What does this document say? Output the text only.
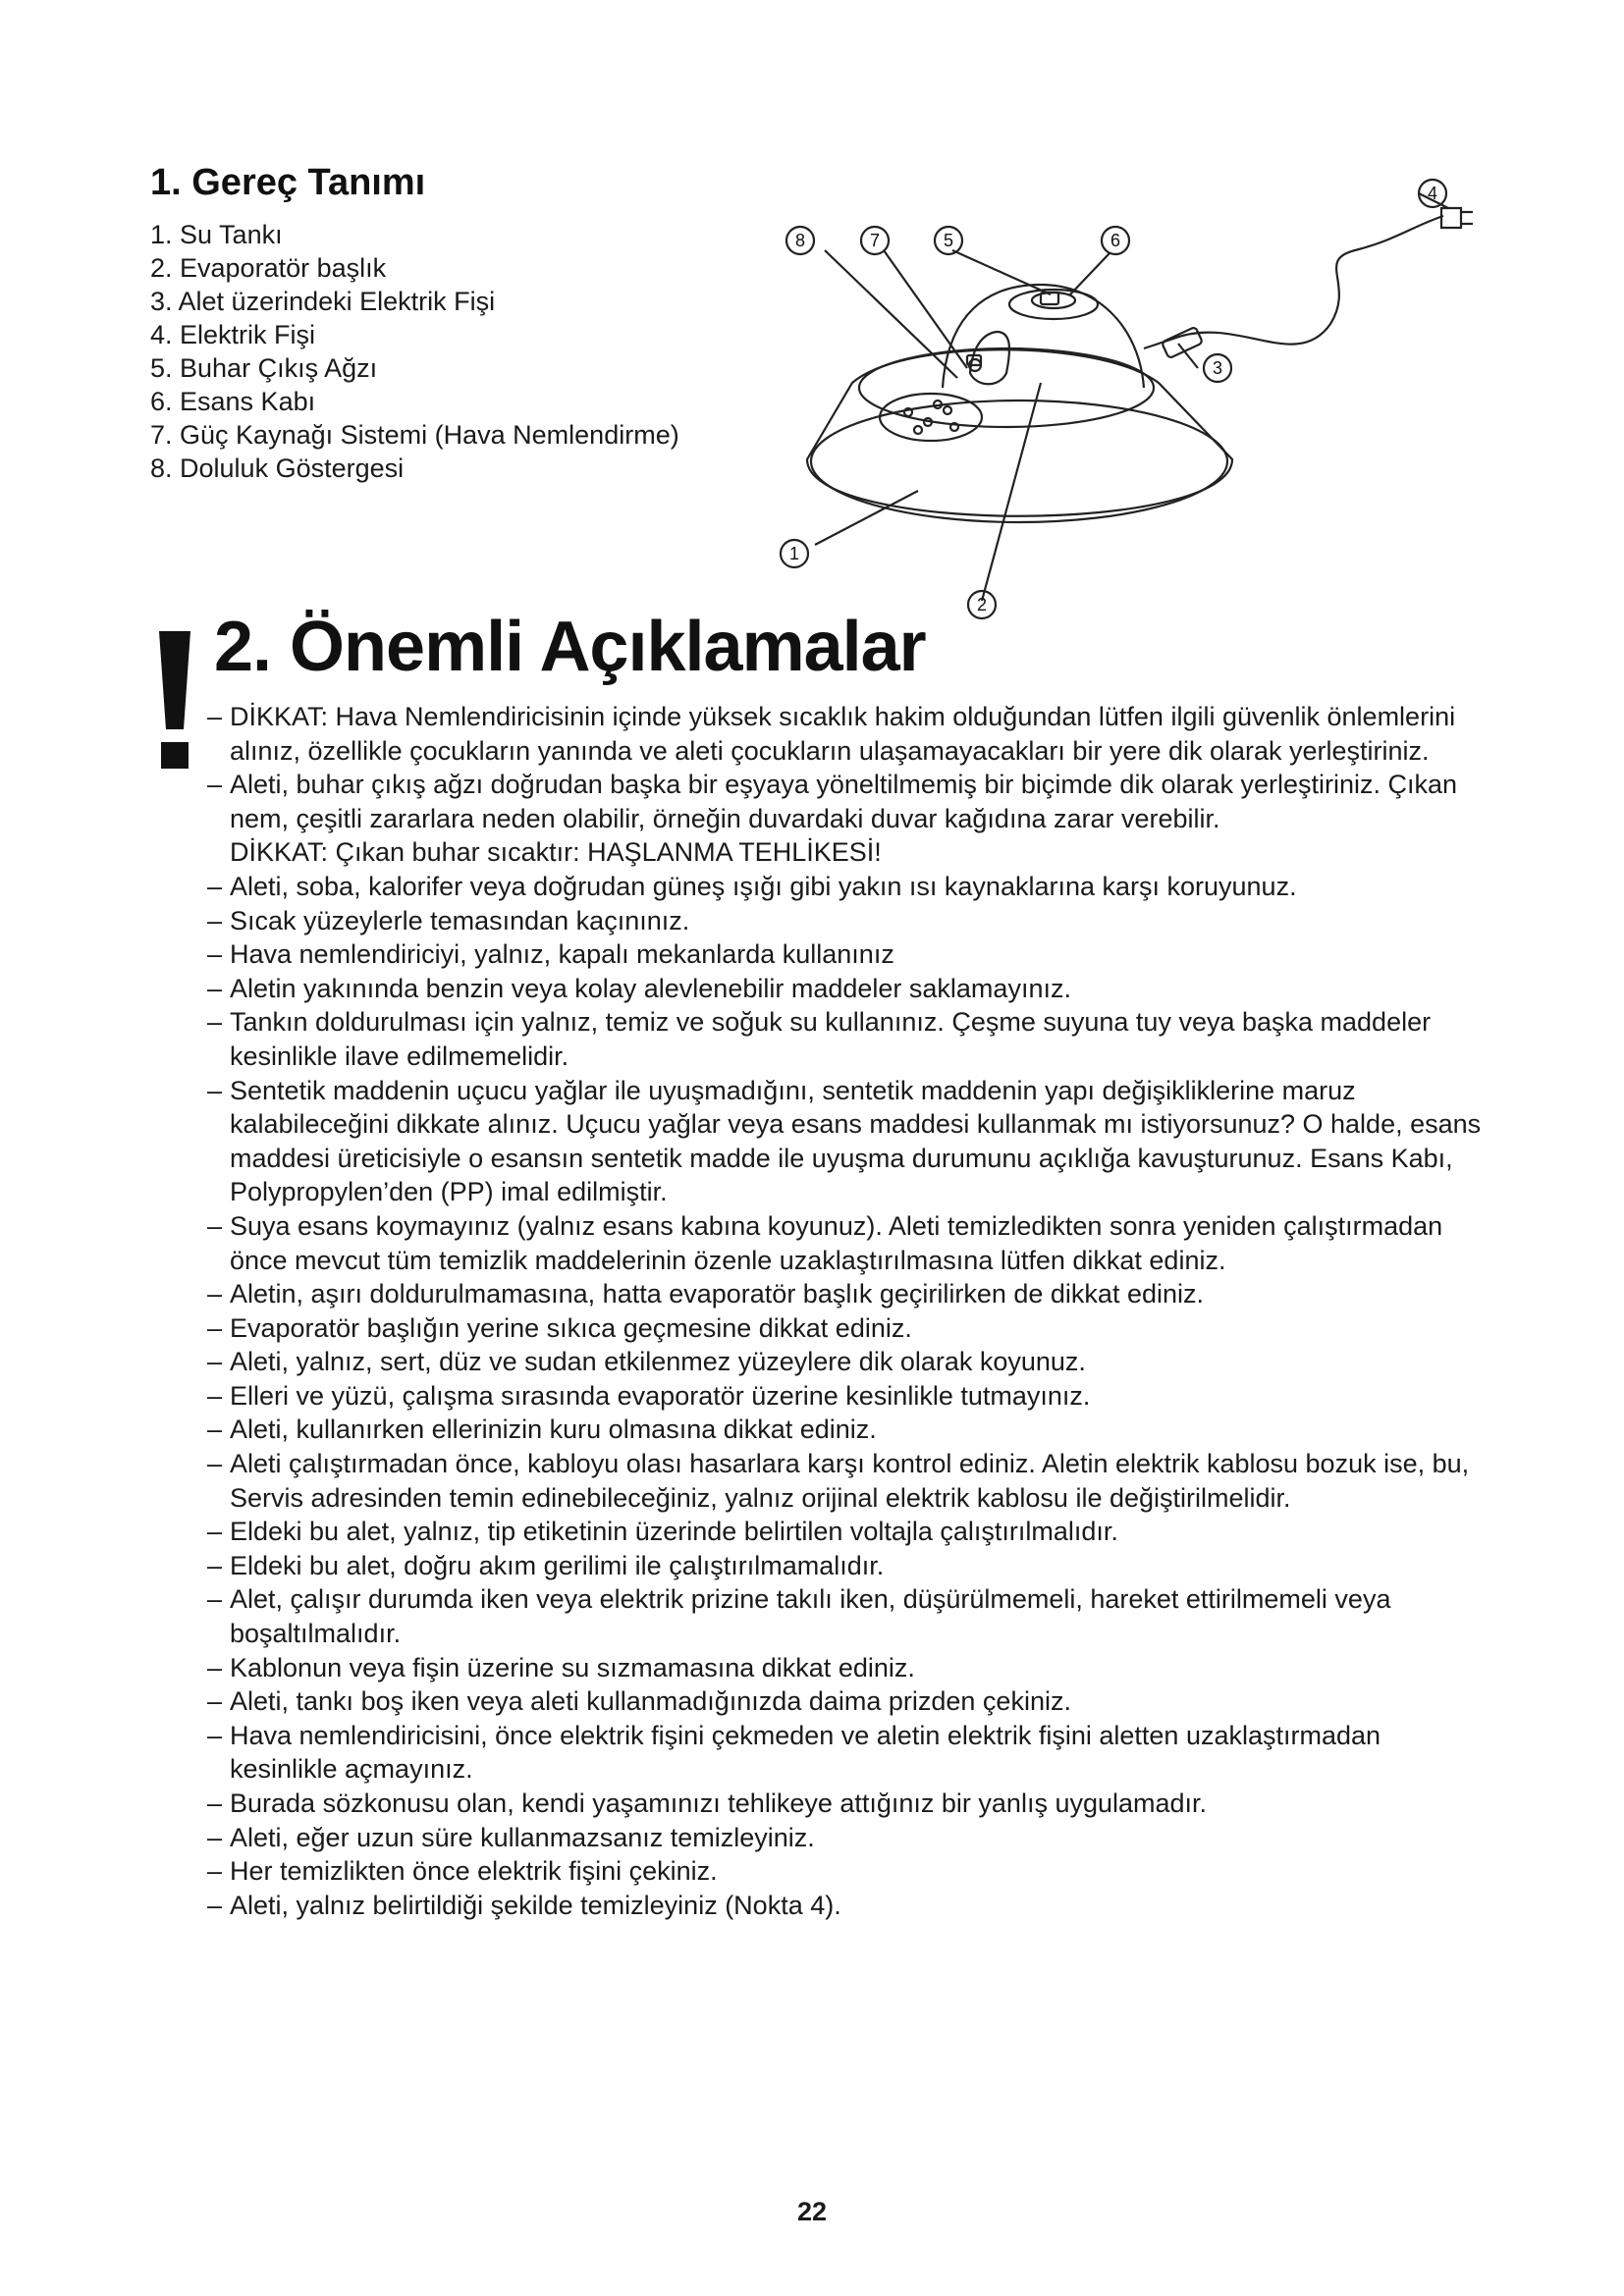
1. Gereç Tanımı
1. Su Tankı
2. Evaporatör başlık
3. Alet üzerindeki Elektrik Fişi
4. Elektrik Fişi
5. Buhar Çıkış Ağzı
6. Esans Kabı
7. Güç Kaynağı Sistemi (Hava Nemlendirme)
8. Doluluk Göstergesi
8	7	5	6
3
1
2
4
2. Önemli Açıklamalar
– DİKKAT: Hava Nemlendiricisinin içinde yüksek sıcaklık hakim olduğundan lütfen ilgili güvenlik önlemlerini alınız, özellikle çocukların yanında ve aleti çocukların ulaşamayacakları bir yere dik olarak yerleştiriniz.
– Aleti, buhar çıkış ağzı doğrudan başka bir eşyaya yöneltilmemiş bir biçimde dik olarak yerleştiriniz. Çıkan nem, çeşitli zararlara neden olabilir, örneğin duvardaki duvar kağıdına zarar verebilir.
DİKKAT: Çıkan buhar sıcaktır: HAŞLANMA TEHLİKESİ!
– Aleti, soba, kalorifer veya doğrudan güneş ışığı gibi yakın ısı kaynaklarına karşı koruyunuz.
– Sıcak yüzeylerle temasından kaçınınız.
– Hava nemlendiriciyi, yalnız, kapalı mekanlarda kullanınız
– Aletin yakınında benzin veya kolay alevlenebilir maddeler saklamayınız.
– Tankın doldurulması için yalnız, temiz ve soğuk su kullanınız. Çeşme suyuna tuy veya başka maddeler kesinlikle ilave edilmemelidir.
– Sentetik maddenin uçucu yağlar ile uyuşmadığını, sentetik maddenin yapı değişikliklerine maruz kalabileceğini dikkate alınız. Uçucu yağlar veya esans maddesi kullanmak mı istiyorsunuz? O halde, esans maddesi üreticisiyle o esansın sentetik madde ile uyuşma durumunu açıklığa kavuşturunuz. Esans Kabı, Polypropylen’den (PP) imal edilmiştir.
– Suya esans koymayınız (yalnız esans kabına koyunuz). Aleti temizledikten sonra yeniden çalıştırmadan önce mevcut tüm temizlik maddelerinin özenle uzaklaştırılmasına lütfen dikkat ediniz.
– Aletin, aşırı doldurulmamasına, hatta evaporatör başlık geçirilirken de dikkat ediniz.
– Evaporatör başlığın yerine sıkıca geçmesine dikkat ediniz.
– Aleti, yalnız, sert, düz ve sudan etkilenmez yüzeylere dik olarak koyunuz.
– Elleri ve yüzü, çalışma sırasında evaporatör üzerine kesinlikle tutmayınız.
– Aleti, kullanırken ellerinizin kuru olmasına dikkat ediniz.
– Aleti çalıştırmadan önce, kabloyu olası hasarlara karşı kontrol ediniz. Aletin elektrik kablosu bozuk ise, bu, Servis adresinden temin edinebileceğiniz, yalnız orijinal elektrik kablosu ile değiştirilmelidir.
– Eldeki bu alet, yalnız, tip etiketinin üzerinde belirtilen voltajla çalıştırılmalıdır.
– Eldeki bu alet, doğru akım gerilimi ile çalıştırılmamalıdır.
– Alet, çalışır durumda iken veya elektrik prizine takılı iken, düşürülmemeli, hareket ettirilmemeli veya boşaltılmalıdır.
– Kablonun veya fişin üzerine su sızmamasına dikkat ediniz.
– Aleti, tankı boş iken veya aleti kullanmadığınızda daima prizden çekiniz.
– Hava nemlendiricisini, önce elektrik fişini çekmeden ve aletin elektrik fişini aletten uzaklaştırmadan kesinlikle açmayınız.
– Burada sözkonusu olan, kendi yaşamınızı tehlikeye attığınız bir yanlış uygulamadır.
– Aleti, eğer uzun süre kullanmazsanız temizleyiniz.
– Her temizlikten önce elektrik fişini çekiniz.
– Aleti, yalnız belirtildiği şekilde temizleyiniz (Nokta 4).

22
